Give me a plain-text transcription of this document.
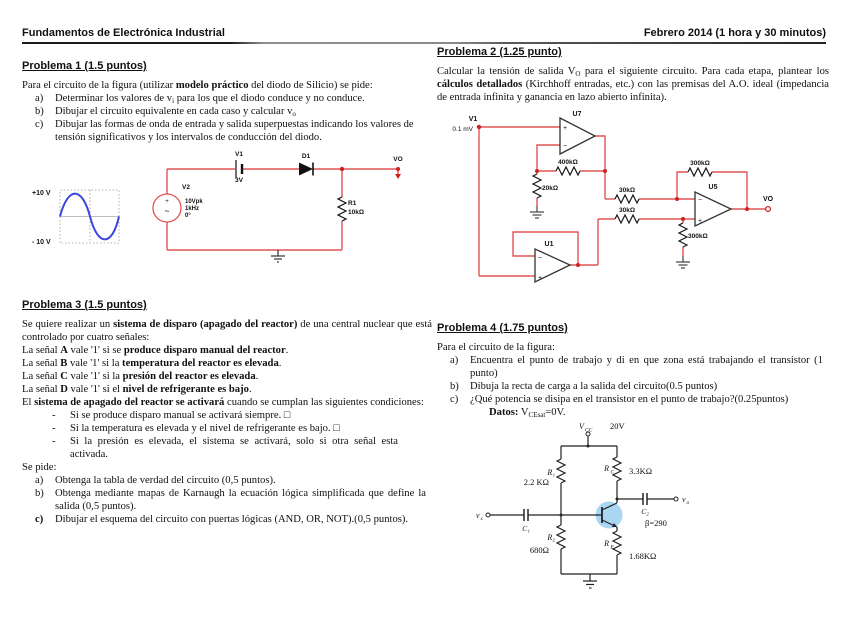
Fundamentos de Electrónica Industrial	Febrero 2014 (1 hora y 30 minutos)
Problema 1 (1.5 puntos)

Para el circuito de la figura (utilizar modelo práctico del diodo de Silicio) se pide:

a)	Determinar los valores de $v_i$ para los que el diodo conduce y no conduce.
b)	Dibujar el circuito equivalente en cada caso y calcular $v_o$
c)	Dibujar las formas de onda de entrada y salida superpuestas indicando los valores de tensión significativos y los intervalos de conducción del diodo.
+10 V
- 10 V
V1
3V
D1	VO
V2
10Vpk
1kHz
0°
+
~
R1
10kΩ
Problema 3 (1.5 puntos)

Se quiere realizar un sistema de disparo (apagado del reactor) de una central nuclear que está controlado por cuatro señales:

La señal A vale '1' si se produce disparo manual del reactor.

La señal B vale '1' si la temperatura del reactor es elevada.

La señal C vale '1' si la presión del reactor es elevada.

La señal D vale '1' si el nivel de refrigerante es bajo.

El sistema de apagado del reactor se activará cuando se cumplan las siguientes condiciones:

-	Si se produce disparo manual se activará siempre. □
-	Si la temperatura es elevada y el nivel de refrigerante es bajo. □
-	Si la presión es elevada, el sistema se activará, solo si otra señal esta activada.

Se pide:

a)	Obtenga la tabla de verdad del circuito (0,5 puntos).
b)	Obtenga mediante mapas de Karnaugh la ecuación lógica simplificada que define la salida (0,5 puntos).
c)	Dibujar el esquema del circuito con puertas lógicas (AND, OR, NOT).(0,5 puntos).
Problema 2 (1.25 punto)

Calcular la tensión de salida $V_O$ para el siguiente circuito. Para cada etapa, plantear los cálculos detallados (Kirchhoff entradas, etc.) con las premisas del A.O. ideal (impedancia de entrada infinita y ganancia en lazo abierto infinita).

+
−
−
+
−
+
V1
0.1 mV
U7
U5
U1
400kΩ
20kΩ	30kΩ
30kΩ
300kΩ
300kΩ
VO
Problema 4 (1.75 puntos)

Para el circuito de la figura:

a)	Encuentra el punto de trabajo y di en que zona está trabajando el transistor (1 punto)
b)	Dibuja la recta de carga a la salida del circuito(0.5 puntos)
c)	¿Qué potencia se disipa en el transistor en el punto de trabajo?(0.25puntos)

Datos: $V_{CEsat}=0V$.

V CC 20V
R₁
2.2 KΩ
R₂
680Ω
R C 3.3KΩ
R E
1.68KΩ
C₁
C₂
v s
v o
β=290
